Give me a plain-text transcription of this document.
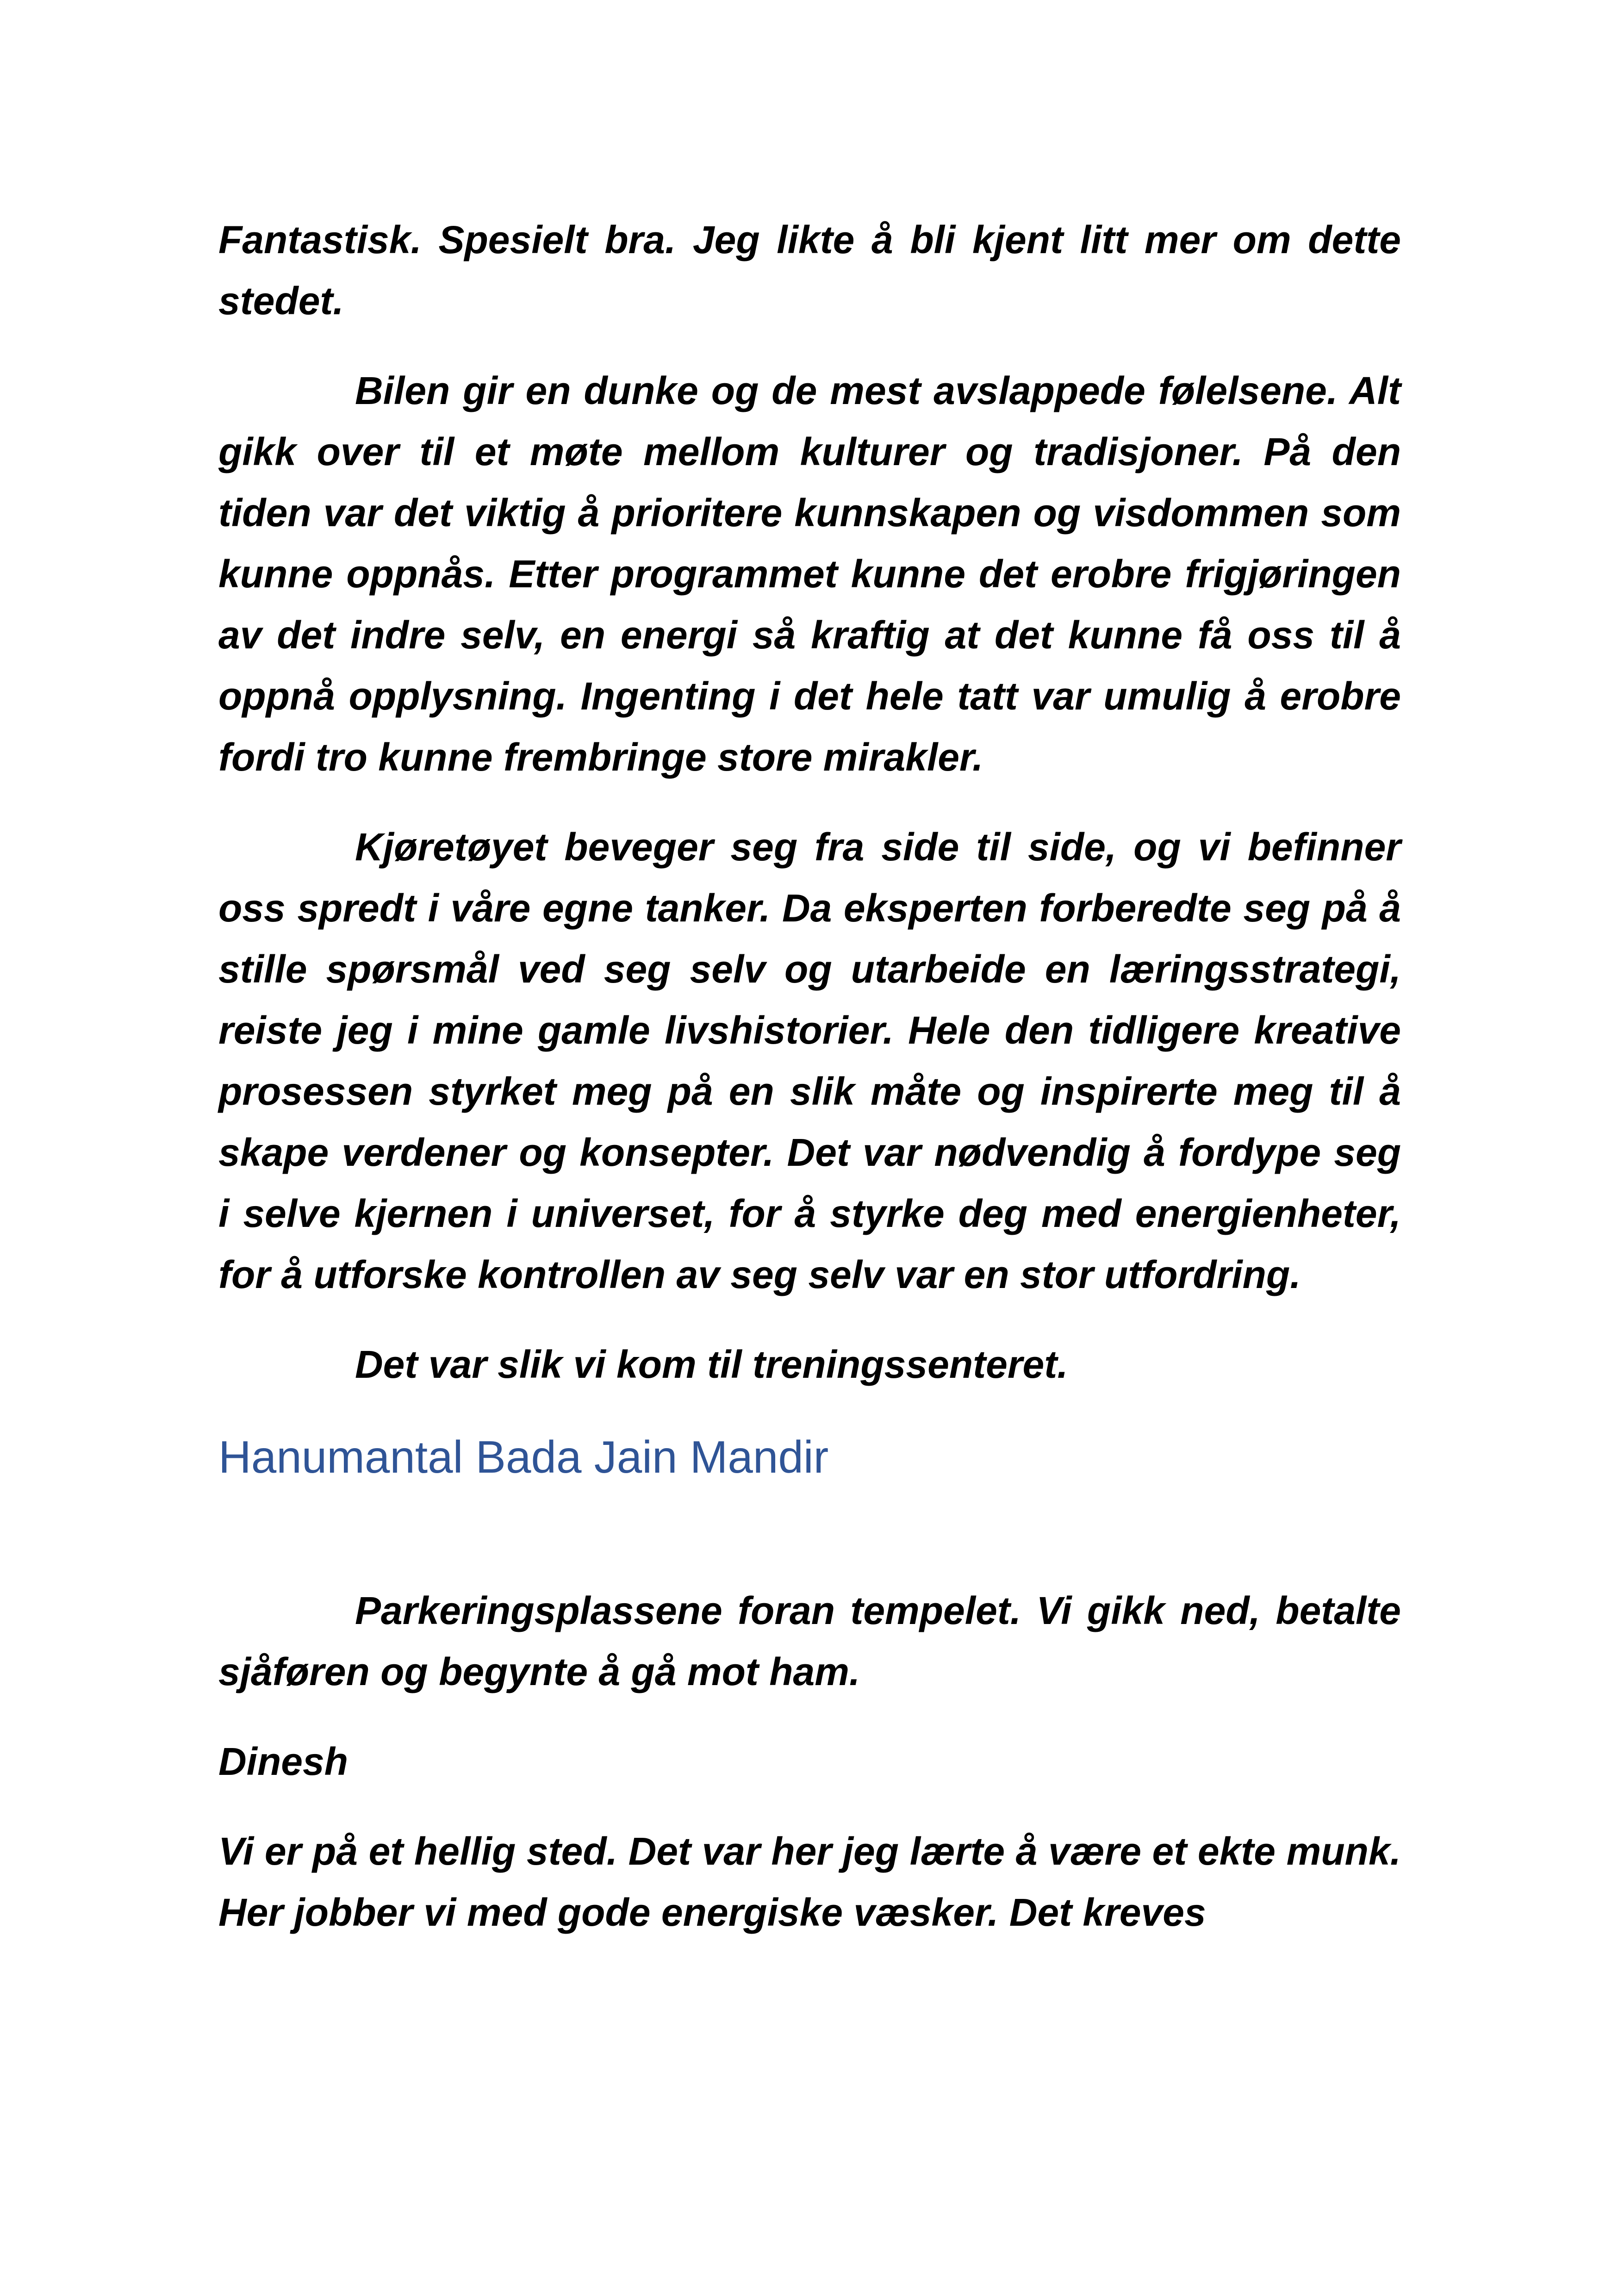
Fantastisk. Spesielt bra. Jeg likte å bli kjent litt mer om dette stedet.

Bilen gir en dunke og de mest avslappede følelsene. Alt gikk over til et møte mellom kulturer og tradisjoner. På den tiden var det viktig å prioritere kunnskapen og visdommen som kunne oppnås. Etter programmet kunne det erobre frigjøringen av det indre selv, en energi så kraftig at det kunne få oss til å oppnå opplysning. Ingenting i det hele tatt var umulig å erobre fordi tro kunne frembringe store mirakler.

Kjøretøyet beveger seg fra side til side, og vi befinner oss spredt i våre egne tanker. Da eksperten forberedte seg på å stille spørsmål ved seg selv og utarbeide en læringsstrategi, reiste jeg i mine gamle livshistorier. Hele den tidligere kreative prosessen styrket meg på en slik måte og inspirerte meg til å skape verdener og konsepter. Det var nødvendig å fordype seg i selve kjernen i universet, for å styrke deg med energienheter, for å utforske kontrollen av seg selv var en stor utfordring.

Det var slik vi kom til treningssenteret.

Hanumantal Bada Jain Mandir

Parkeringsplassene foran tempelet. Vi gikk ned, betalte sjåføren og begynte å gå mot ham.

Dinesh

Vi er på et hellig sted. Det var her jeg lærte å være et ekte munk. Her jobber vi med gode energiske væsker. Det kreves
